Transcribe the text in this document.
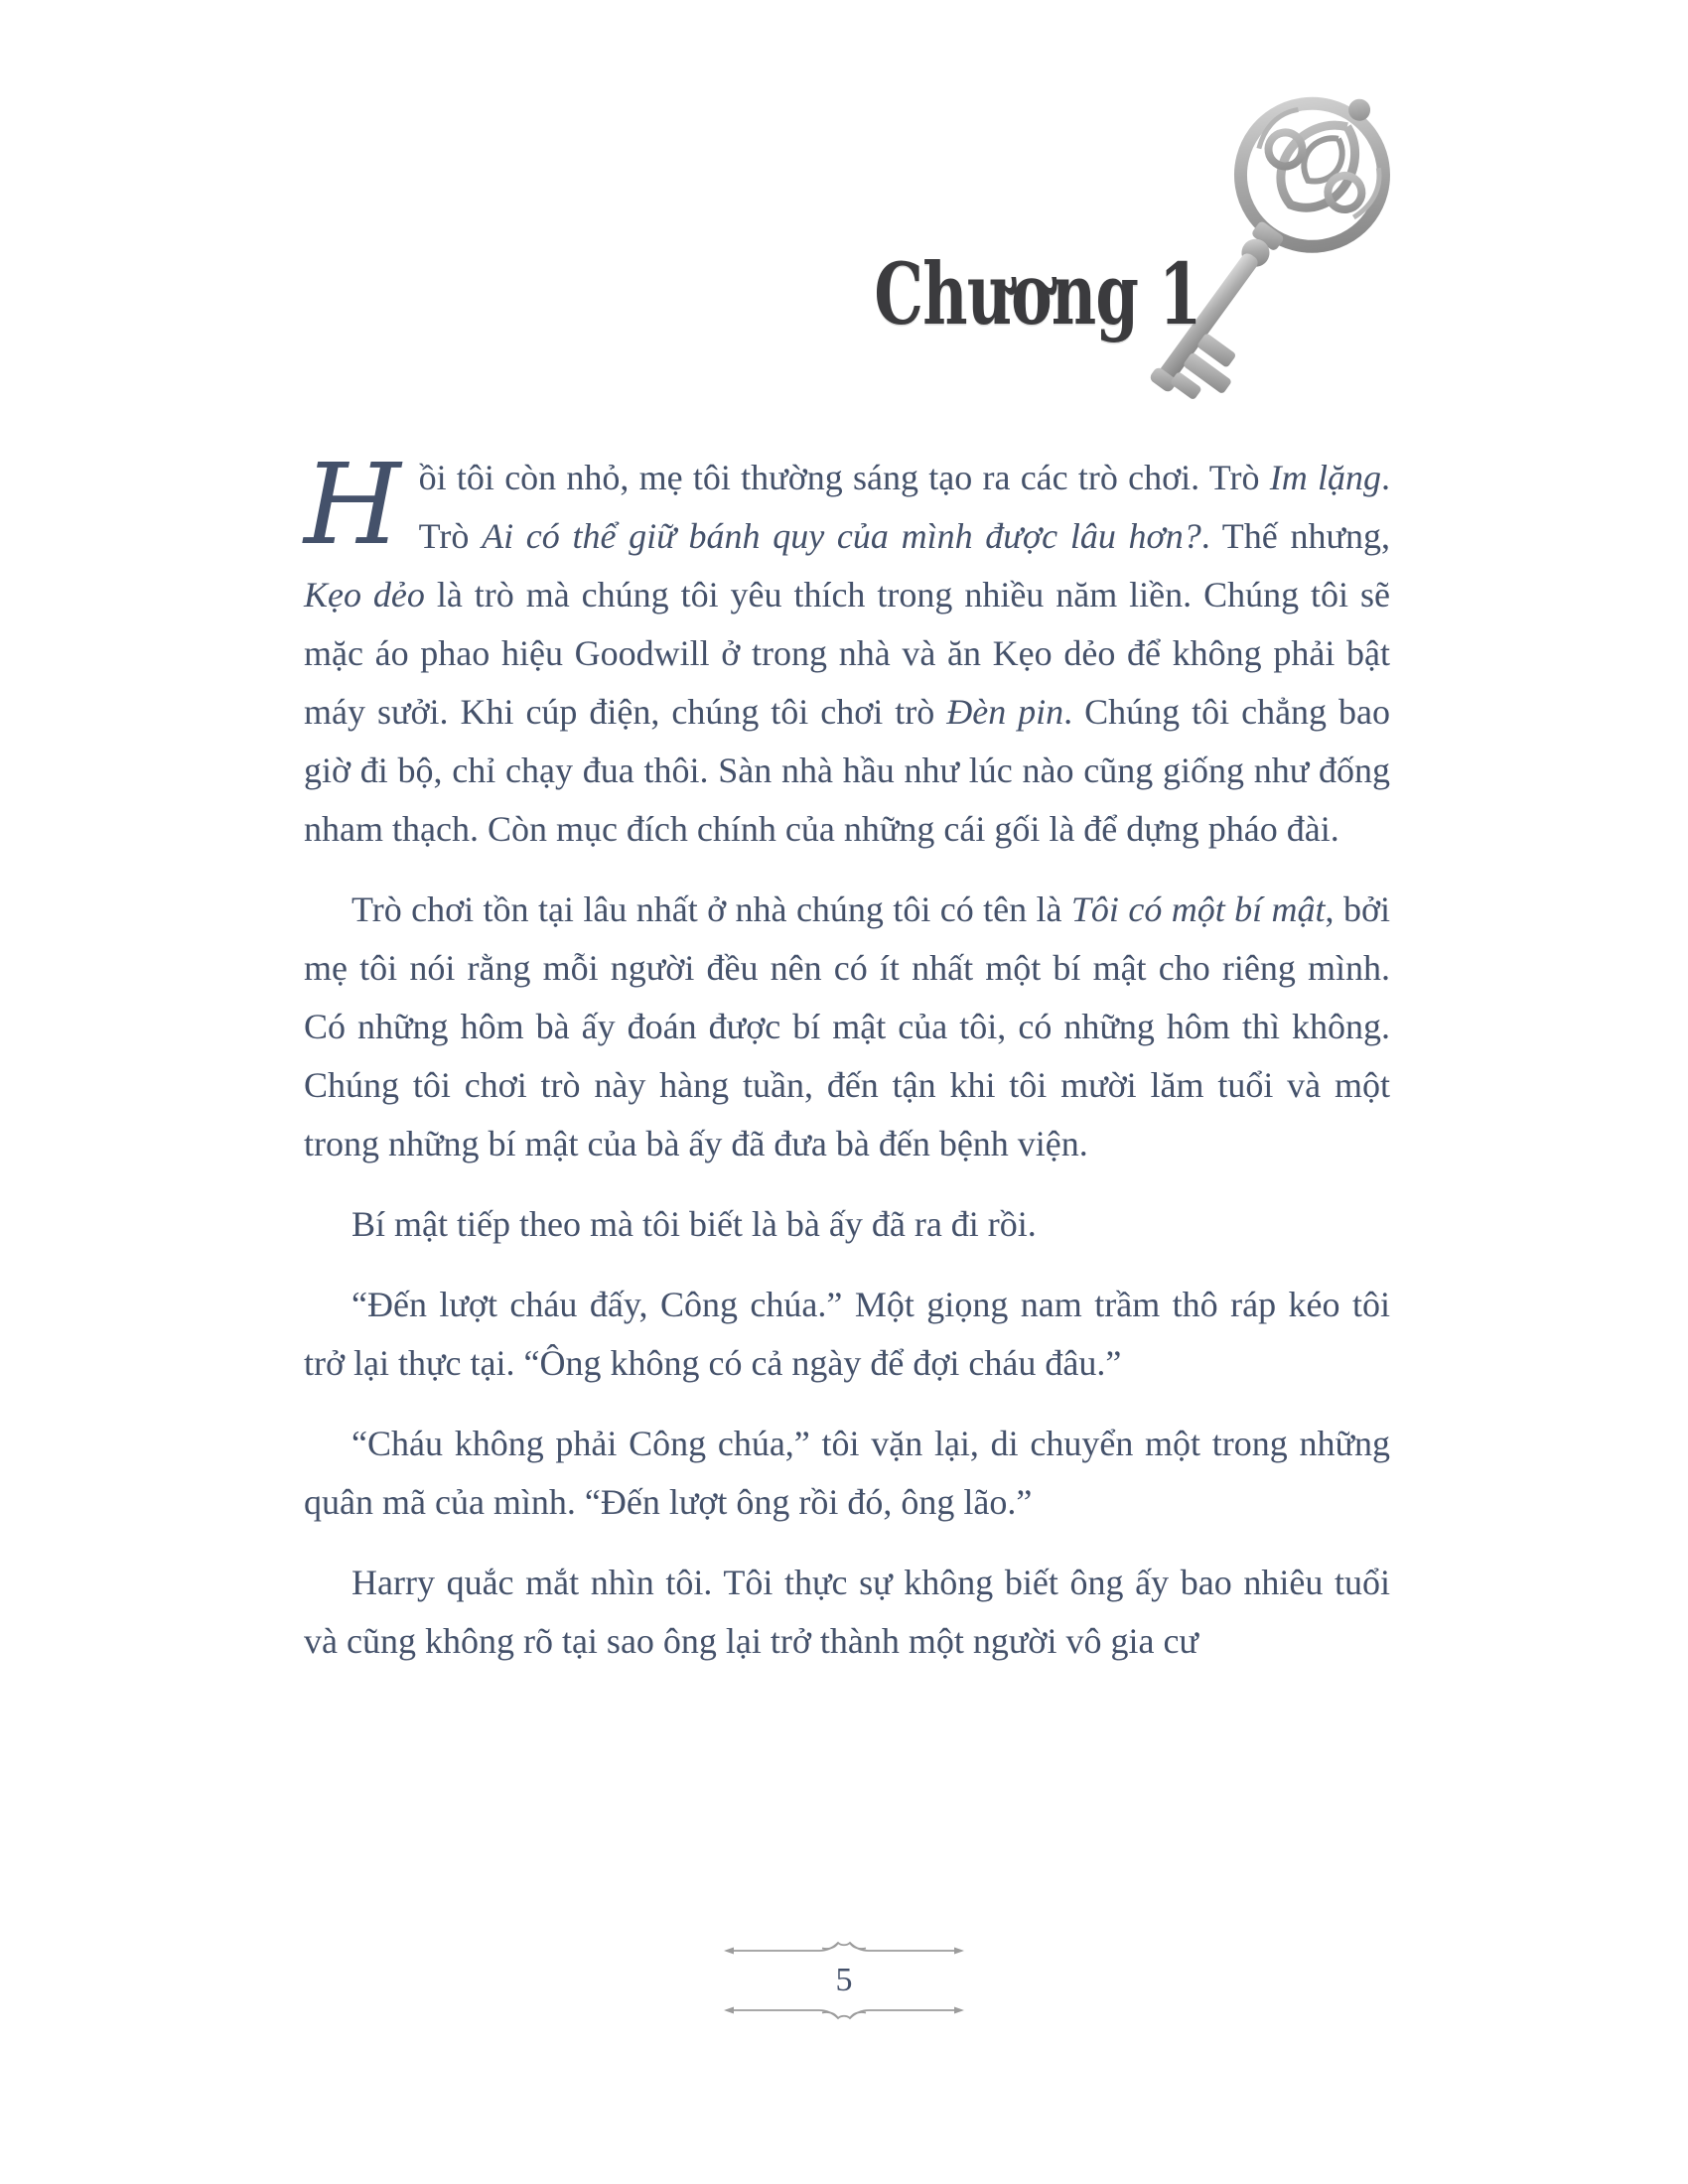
Chương 1

Hồi tôi còn nhỏ, mẹ tôi thường sáng tạo ra các trò chơi. Trò Im lặng. Trò Ai có thể giữ bánh quy của mình được lâu hơn?. Thế nhưng, Kẹo dẻo là trò mà chúng tôi yêu thích trong nhiều năm liền. Chúng tôi sẽ mặc áo phao hiệu Goodwill ở trong nhà và ăn Kẹo dẻo để không phải bật máy sưởi. Khi cúp điện, chúng tôi chơi trò Đèn pin. Chúng tôi chẳng bao giờ đi bộ, chỉ chạy đua thôi. Sàn nhà hầu như lúc nào cũng giống như đống nham thạch. Còn mục đích chính của những cái gối là để dựng pháo đài.

Trò chơi tồn tại lâu nhất ở nhà chúng tôi có tên là Tôi có một bí mật, bởi mẹ tôi nói rằng mỗi người đều nên có ít nhất một bí mật cho riêng mình. Có những hôm bà ấy đoán được bí mật của tôi, có những hôm thì không. Chúng tôi chơi trò này hàng tuần, đến tận khi tôi mười lăm tuổi và một trong những bí mật của bà ấy đã đưa bà đến bệnh viện.

Bí mật tiếp theo mà tôi biết là bà ấy đã ra đi rồi.

“Đến lượt cháu đấy, Công chúa.” Một giọng nam trầm thô ráp kéo tôi trở lại thực tại. “Ông không có cả ngày để đợi cháu đâu.”

“Cháu không phải Công chúa,” tôi vặn lại, di chuyển một trong những quân mã của mình. “Đến lượt ông rồi đó, ông lão.”

Harry quắc mắt nhìn tôi. Tôi thực sự không biết ông ấy bao nhiêu tuổi và cũng không rõ tại sao ông lại trở thành một người vô gia cư

5
